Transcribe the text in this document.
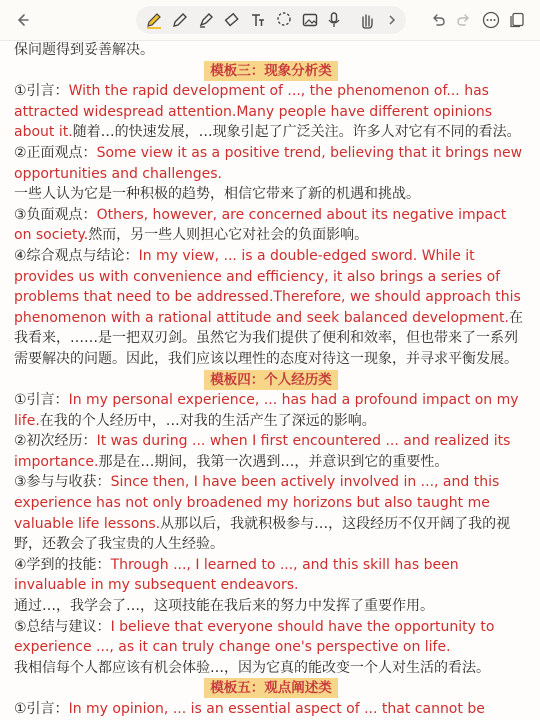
保问题得到妥善解决。

模板三：现象分析类

①引言：With the rapid development of ..., the phenomenon of... has attracted widespread attention.Many people have different opinions about it.随着…的快速发展，…现象引起了广泛关注。许多人对它有不同的看法。

②正面观点：Some view it as a positive trend, believing that it brings new opportunities and challenges.

一些人认为它是一种积极的趋势，相信它带来了新的机遇和挑战。

③负面观点：Others, however, are concerned about its negative impact on society.然而，另一些人则担心它对社会的负面影响。

④综合观点与结论：In my view, ... is a double-edged sword. While it provides us with convenience and efficiency, it also brings a series of problems that need to be addressed.Therefore, we should approach this phenomenon with a rational attitude and seek balanced development.在我看来，……是一把双刃剑。虽然它为我们提供了便利和效率，但也带来了一系列需要解决的问题。因此，我们应该以理性的态度对待这一现象，并寻求平衡发展。

模板四：个人经历类

①引言：In my personal experience, ... has had a profound impact on my life.在我的个人经历中，…对我的生活产生了深远的影响。

②初次经历：It was during ... when I first encountered ... and realized its importance.那是在…期间，我第一次遇到…，并意识到它的重要性。

③参与与收获：Since then, I have been actively involved in ..., and this experience has not only broadened my horizons but also taught me valuable life lessons.从那以后，我就积极参与…，这段经历不仅开阔了我的视野，还教会了我宝贵的人生经验。

④学到的技能：Through ..., I learned to ..., and this skill has been invaluable in my subsequent endeavors.

通过…，我学会了…，这项技能在我后来的努力中发挥了重要作用。

⑤总结与建议：I believe that everyone should have the opportunity to experience ..., as it can truly change one's perspective on life.

我相信每个人都应该有机会体验…，因为它真的能改变一个人对生活的看法。

模板五：观点阐述类

①引言：In my opinion, ... is an essential aspect of ... that cannot be
